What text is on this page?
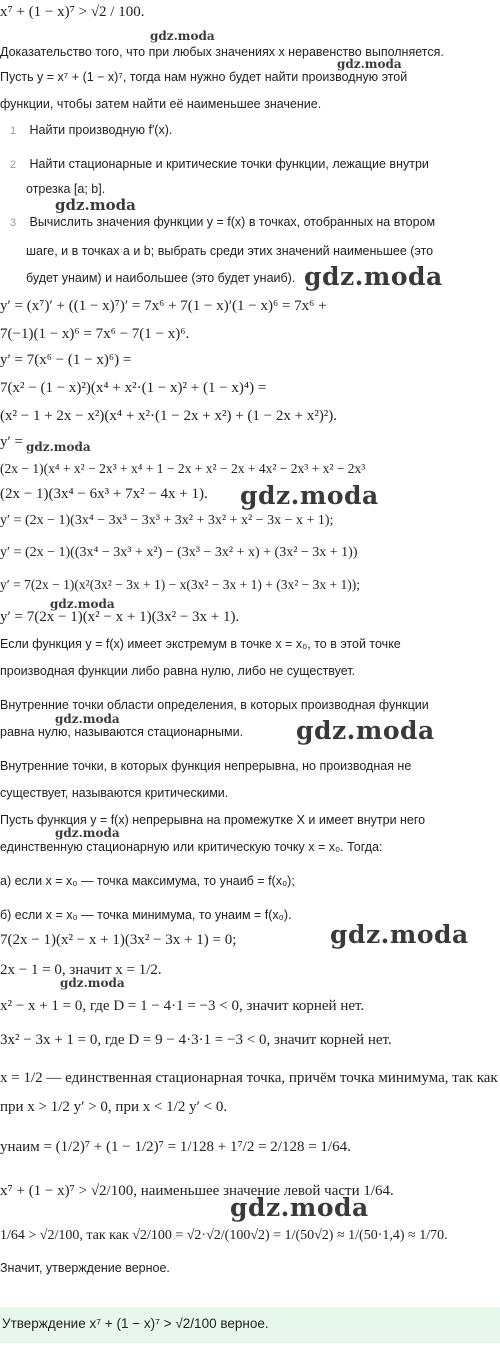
x⁷ + (1 − x)⁷ > √2 / 100.
Доказательство того, что при любых значениях x неравенство выполняется.
Пусть y = x⁷ + (1 − x)⁷, тогда нам нужно будет найти производную этой
функции, чтобы затем найти её наименьшее значение.
1 Найти производную f′(x).
2 Найти стационарные и критические точки функции, лежащие внутри
отрезка [a; b].
3 Вычислить значения функции y = f(x) в точках, отобранных на втором
шаге, и в точках a и b; выбрать среди этих значений наименьшее (это
будет yнаим) и наибольшее (это будет yнаиб).
y′ = (x⁷)′ + ((1 − x)⁷)′ = 7x⁶ + 7(1 − x)′(1 − x)⁶ = 7x⁶ +
7(−1)(1 − x)⁶ = 7x⁶ − 7(1 − x)⁶.
y′ = 7(x⁶ − (1 − x)⁶) =
7(x² − (1 − x)²)(x⁴ + x²·(1 − x)² + (1 − x)⁴) =
(x² − 1 + 2x − x²)(x⁴ + x²·(1 − 2x + x²) + (1 − 2x + x²)²).
y′ =
(2x − 1)(x⁴ + x² − 2x³ + x⁴ + 1 − 2x + x² − 2x + 4x² − 2x³ + x² − 2x³
(2x − 1)(3x⁴ − 6x³ + 7x² − 4x + 1).
y′ = (2x − 1)(3x⁴ − 3x³ − 3x³ + 3x² + 3x² + x² − 3x − x + 1);
y′ = (2x − 1)((3x⁴ − 3x³ + x²) − (3x³ − 3x² + x) + (3x² − 3x + 1))
y′ = 7(2x − 1)(x²(3x² − 3x + 1) − x(3x² − 3x + 1) + (3x² − 3x + 1));
y′ = 7(2x − 1)(x² − x + 1)(3x² − 3x + 1).
Если функция y = f(x) имеет экстремум в точке x = x₀, то в этой точке
производная функции либо равна нулю, либо не существует.
Внутренние точки области определения, в которых производная функции
равна нулю, называются стационарными.
Внутренние точки, в которых функция непрерывна, но производная не
существует, называются критическими.
Пусть функция y = f(x) непрерывна на промежутке X и имеет внутри него
единственную стационарную или критическую точку x = x₀. Тогда:
а) если x = x₀ — точка максимума, то yнаиб = f(x₀);
б) если x = x₀ — точка минимума, то yнаим = f(x₀).
7(2x − 1)(x² − x + 1)(3x² − 3x + 1) = 0;
2x − 1 = 0, значит x = 1/2.
x² − x + 1 = 0, где D = 1 − 4·1 = −3 < 0, значит корней нет.
3x² − 3x + 1 = 0, где D = 9 − 4·3·1 = −3 < 0, значит корней нет.
x = 1/2 — единственная стационарная точка, причём точка минимума, так как
при x > 1/2 y′ > 0, при x < 1/2 y′ < 0.
yнаим = (1/2)⁷ + (1 − 1/2)⁷ = 1/128 + 1⁷/2 = 2/128 = 1/64.
x⁷ + (1 − x)⁷ > √2/100, наименьшее значение левой части 1/64.
1/64 > √2/100, так как √2/100 = √2·√2/(100√2) = 1/(50√2) ≈ 1/(50·1,4) ≈ 1/70.
Значит, утверждение верное.
Утверждение x⁷ + (1 − x)⁷ > √2/100 верное.
gdz.moda
gdz.moda
gdz.moda
gdz.moda
gdz.moda
gdz.moda
gdz.moda
gdz.moda	gdz.moda
gdz.moda
gdz.moda
gdz.moda
gdz.moda
